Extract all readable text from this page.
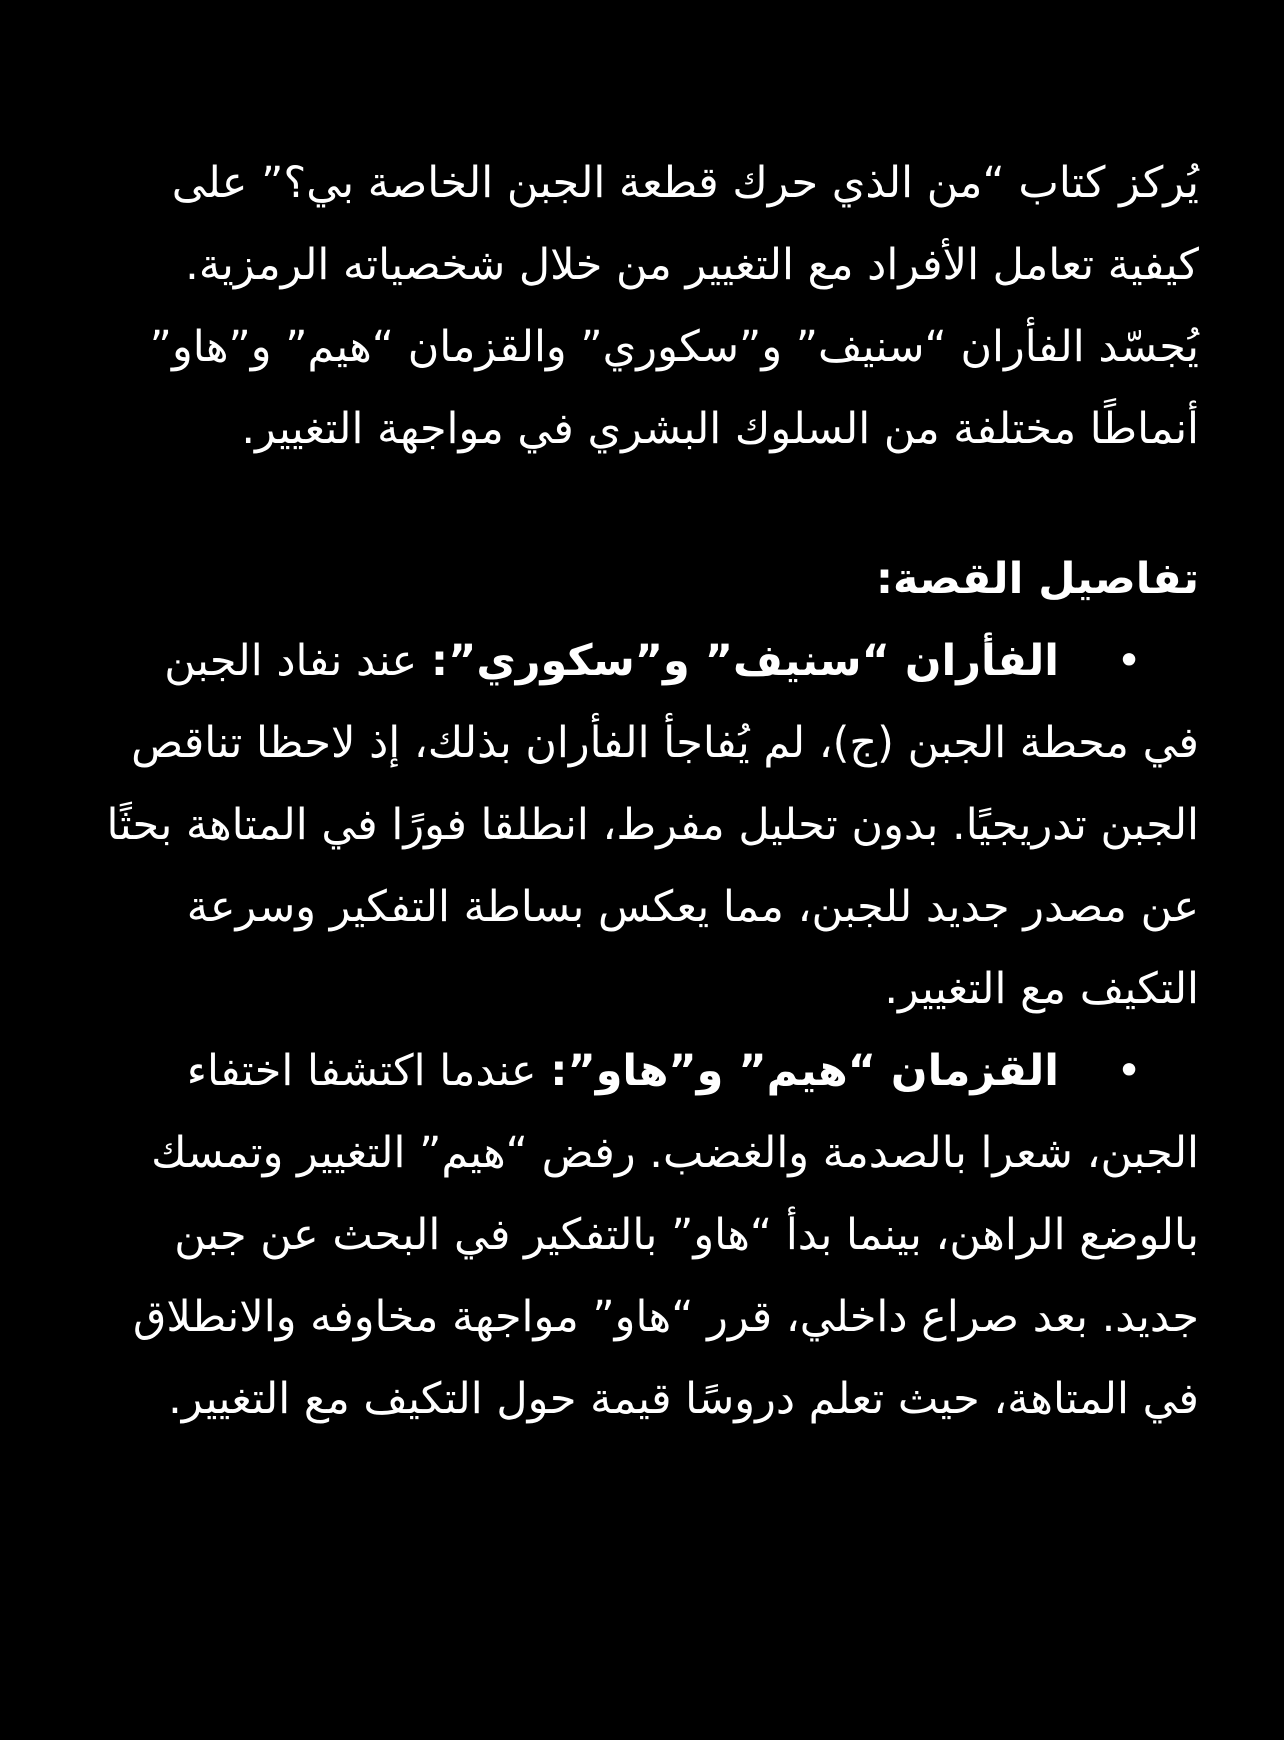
يُركز كتاب “من الذي حرك قطعة الجبن الخاصة بي؟” على كيفية تعامل الأفراد مع التغيير من خلال شخصياته الرمزية. يُجسّد الفأران “سنيف” و”سكوري” والقزمان “هيم” و”هاو” أنماطًا مختلفة من السلوك البشري في مواجهة التغيير.

تفاصيل القصة:

•الفأران “سنيف” و”سكوري”: عند نفاد الجبن في محطة الجبن (ج)، لم يُفاجأ الفأران بذلك، إذ لاحظا تناقص الجبن تدريجيًا. بدون تحليل مفرط، انطلقا فورًا في المتاهة بحثًا عن مصدر جديد للجبن، مما يعكس بساطة التفكير وسرعة التكيف مع التغيير.
•القزمان “هيم” و”هاو”: عندما اكتشفا اختفاء الجبن، شعرا بالصدمة والغضب. رفض “هيم” التغيير وتمسك بالوضع الراهن، بينما بدأ “هاو” بالتفكير في البحث عن جبن جديد. بعد صراع داخلي، قرر “هاو” مواجهة مخاوفه والانطلاق في المتاهة، حيث تعلم دروسًا قيمة حول التكيف مع التغيير.
